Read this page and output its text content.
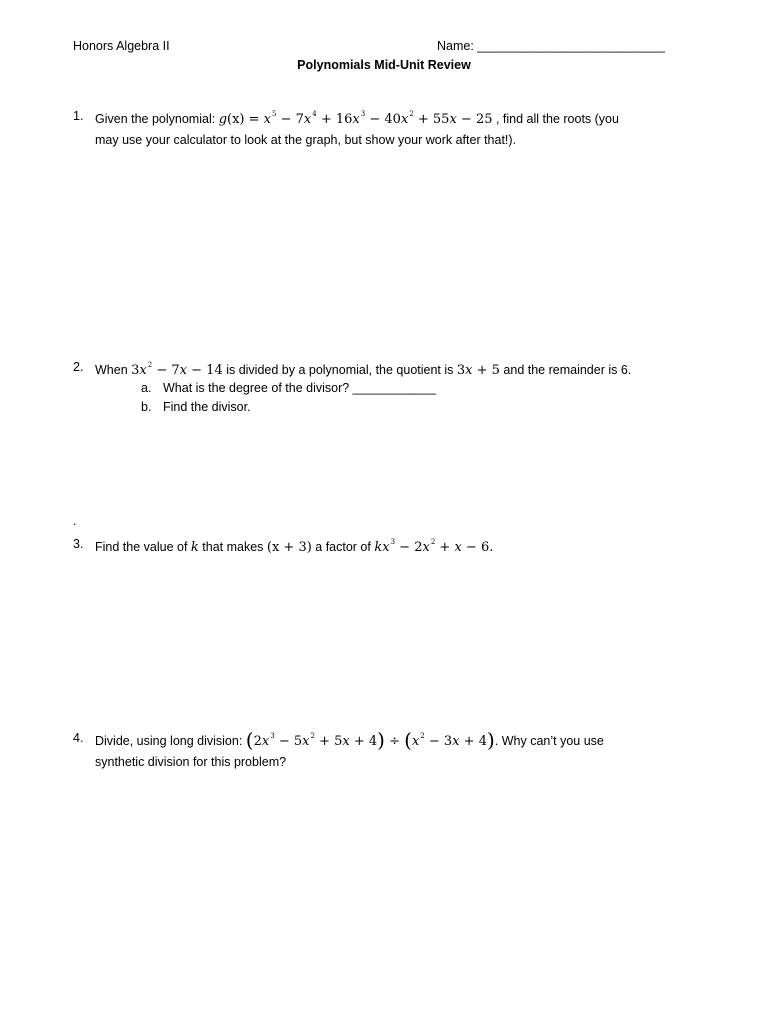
Honors Algebra II	Name: ___________________________
Polynomials Mid-Unit Review
1. Given the polynomial: $g(x) = x^5 - 7x^4 + 16x^3 - 40x^2 + 55x - 25$ , find all the roots (you
may use your calculator to look at the graph, but show your work after that!).
2. When $3x^2 - 7x - 14$ is divided by a polynomial, the quotient is 3x + 5 and the remainder is 6.
a. What is the degree of the divisor? ____________
b. Find the divisor.
.
3. Find the value of k that makes (x + 3) a factor of $kx^3 - 2x^2 + x - 6$.
4. Divide, using long division: $(2x^3 - 5x^2 + 5x + 4) \div (x^2 - 3x + 4)$. Why can’t you use
synthetic division for this problem?
